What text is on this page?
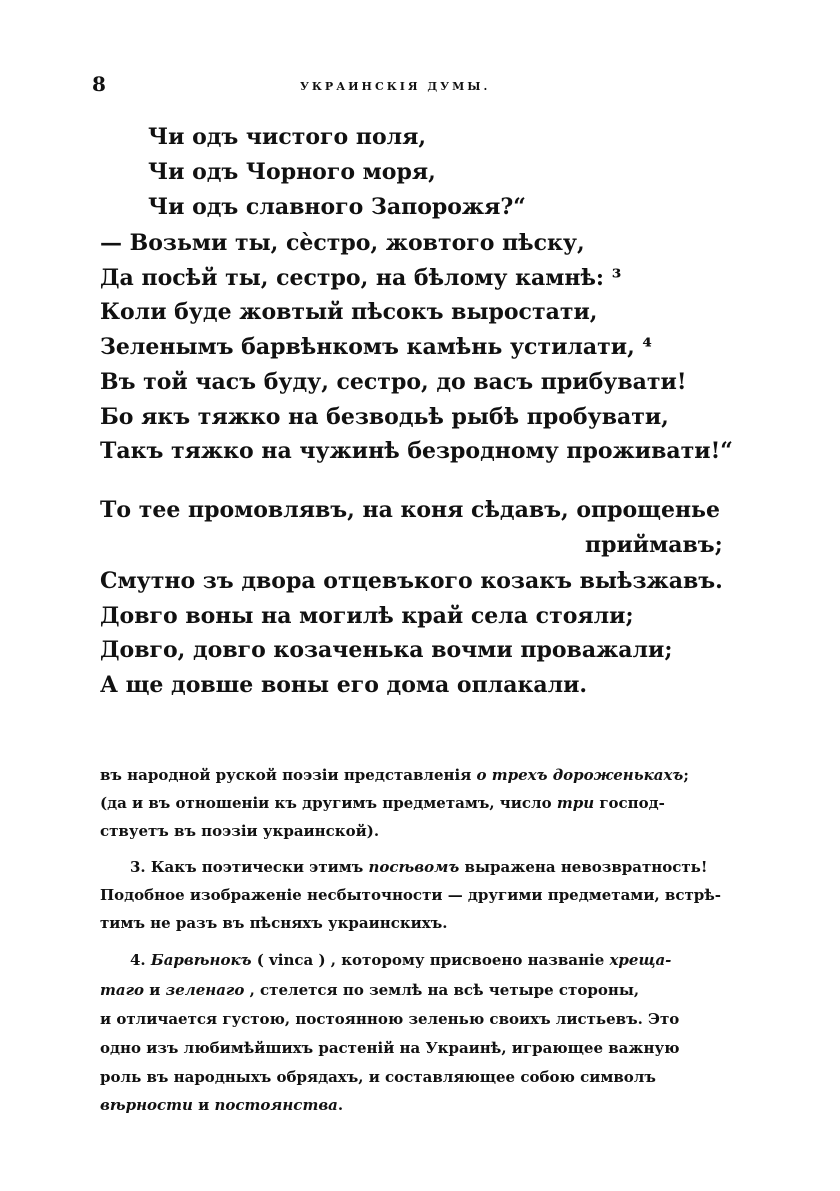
8	УКРАИНСКІЯ ДУМЫ.
Чи одъ чистого поля,
Чи одъ Чорного моря,
Чи одъ славного Запорожя?“
— Вoзьми ты, сѐстро, жовтого пѣску,
Да посѣй ты, сестро, на бѣлому камнѣ: ³
Коли буде жовтый пѣсокъ выростати,
Зеленымъ барвѣнкомъ камѣнь устилати, ⁴
Въ той часъ буду, сестро, до васъ прибувати!
Бо якъ тяжко на безвoдьѣ рыбѣ пробувати,
Такъ тяжко на чужинѣ безрoдному проживати!“
То тее промовлявъ, на коня сѣдавъ, опрощенье
приймавъ;
Смутно зъ двора отцевъкого козакъ выѣзжавъ.
Довго воны на могилѣ край села стояли;
Довго, довго козаченька вoчми проважали;
А ще довше воны его дома оплакали.
въ народной руской поэзіи представленія о трехъ дороженькахъ;
(да и въ отношеніи къ другимъ предметамъ, число три господ-
ствуетъ въ поэзіи украинской).
3. Какъ поэтически этимъ посѣвомъ выражена невозвратность!
Подобное изображеніе несбыточности — другими предметами, встрѣ-
тимъ не разъ въ пѣсняхъ украинскихъ.
4. Барвѣнокъ ( vinca ) , которому присвоено названіе хреща-
таго и зеленаго , стелется по землѣ на всѣ четыре стороны,
и отличается густою, постоянною зеленью своихъ листьевъ. Это
одно изъ любимѣйшихъ растеній на Украинѣ, играющее важную
роль въ народныхъ обрядахъ, и составляющее собою символъ
вѣрности и постоянства.
